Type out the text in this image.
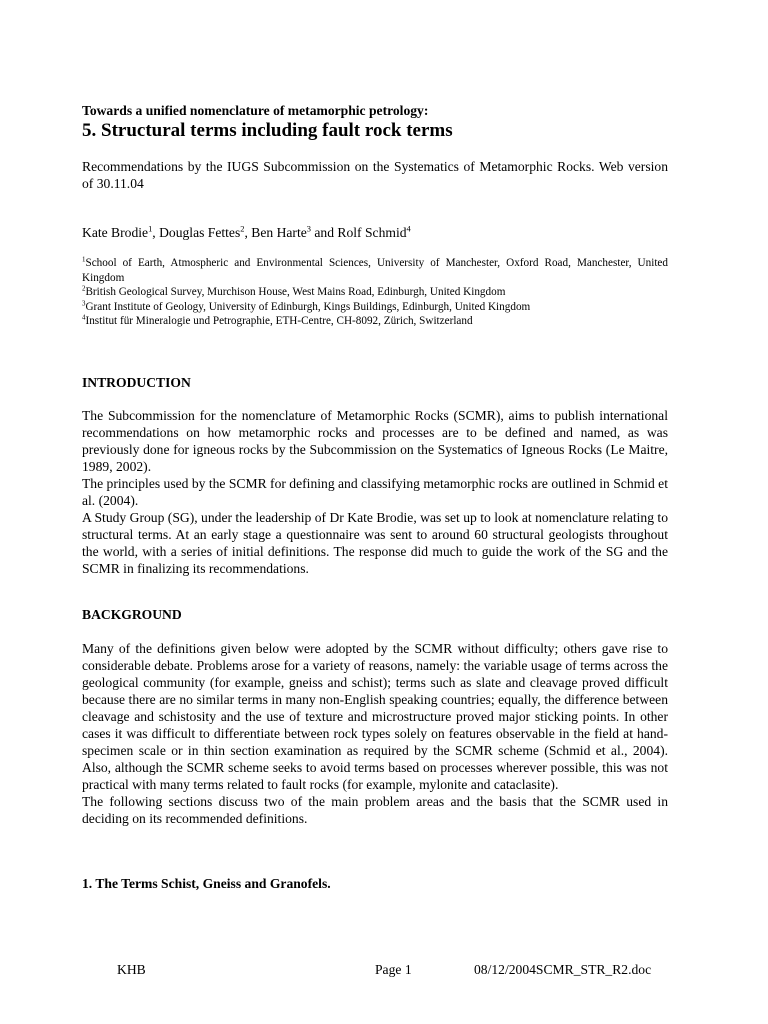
Towards a unified nomenclature of metamorphic petrology:

5. Structural terms including fault rock terms

Recommendations by the IUGS Subcommission on the Systematics of Metamorphic Rocks. Web version of 30.11.04

Kate Brodie$^1$, Douglas Fettes$^2$, Ben Harte$^3$ and Rolf Schmid$^4$

$^1$School of Earth, Atmospheric and Environmental Sciences, University of Manchester, Oxford Road, Manchester, United Kingdom

$^2$British Geological Survey, Murchison House, West Mains Road, Edinburgh, United Kingdom

$^3$Grant Institute of Geology, University of Edinburgh, Kings Buildings, Edinburgh, United Kingdom

$^4$Institut für Mineralogie und Petrographie, ETH-Centre, CH-8092, Zürich, Switzerland

INTRODUCTION

The Subcommission for the nomenclature of Metamorphic Rocks (SCMR), aims to publish international recommendations on how metamorphic rocks and processes are to be defined and named, as was previously done for igneous rocks by the Subcommission on the Systematics of Igneous Rocks (Le Maitre, 1989, 2002).

The principles used by the SCMR for defining and classifying metamorphic rocks are outlined in Schmid et al. (2004).

A Study Group (SG), under the leadership of Dr Kate Brodie, was set up to look at nomenclature relating to structural terms. At an early stage a questionnaire was sent to around 60 structural geologists throughout the world, with a series of initial definitions. The response did much to guide the work of the SG and the SCMR in finalizing its recommendations.

BACKGROUND

Many of the definitions given below were adopted by the SCMR without difficulty; others gave rise to considerable debate. Problems arose for a variety of reasons, namely: the variable usage of terms across the geological community (for example, gneiss and schist); terms such as slate and cleavage proved difficult because there are no similar terms in many non-English speaking countries; equally, the difference between cleavage and schistosity and the use of texture and microstructure proved major sticking points. In other cases it was difficult to differentiate between rock types solely on features observable in the field at hand-specimen scale or in thin section examination as required by the SCMR scheme (Schmid et al., 2004). Also, although the SCMR scheme seeks to avoid terms based on processes wherever possible, this was not practical with many terms related to fault rocks (for example, mylonite and cataclasite).

The following sections discuss two of the main problem areas and the basis that the SCMR used in deciding on its recommended definitions.

1. The Terms Schist, Gneiss and Granofels.

KHB	Page 1	08/12/2004SCMR_STR_R2.doc
